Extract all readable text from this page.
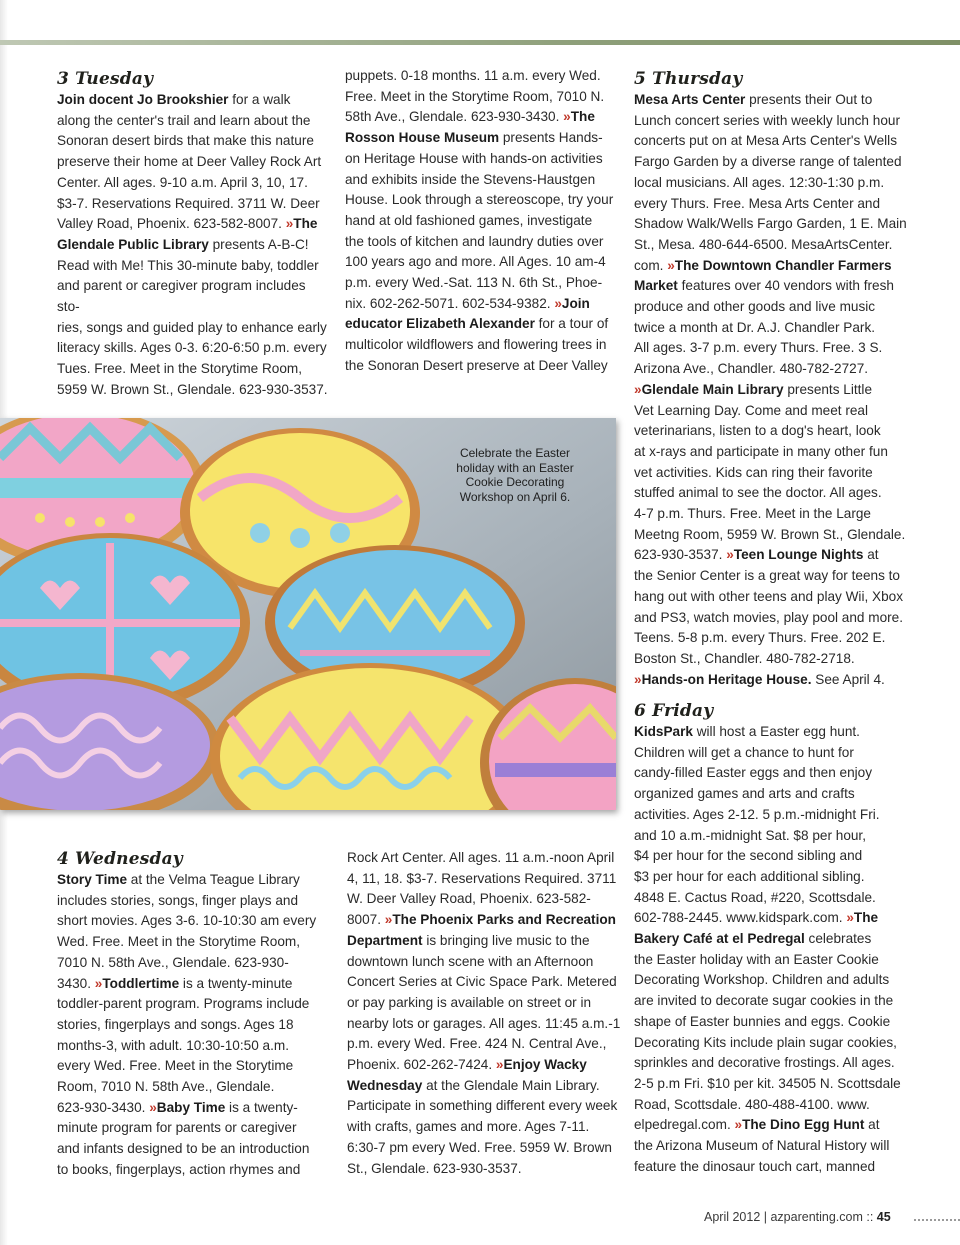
3 Tuesday

Join docent Jo Brookshier for a walk
along the center's trail and learn about the
Sonoran desert birds that make this nature
preserve their home at Deer Valley Rock Art
Center. All ages. 9-10 a.m. April 3, 10, 17.
$3-7. Reservations Required. 3711 W. Deer
Valley Road, Phoenix. 623-582-8007. »The
Glendale Public Library presents A-B-C!
Read with Me! This 30-minute baby, toddler
and parent or caregiver program includes sto-
ries, songs and guided play to enhance early
literacy skills. Ages 0-3. 6:20-6:50 p.m. every
Tues. Free. Meet in the Storytime Room,
5959 W. Brown St., Glendale. 623-930-3537.
puppets. 0-18 months. 11 a.m. every Wed.
Free. Meet in the Storytime Room, 7010 N.
58th Ave., Glendale. 623-930-3430. »The
Rosson House Museum presents Hands-
on Heritage House with hands-on activities
and exhibits inside the Stevens-Haustgen
House. Look through a stereoscope, try your
hand at old fashioned games, investigate
the tools of kitchen and laundry duties over
100 years ago and more. All Ages. 10 am-4
p.m. every Wed.-Sat. 113 N. 6th St., Phoe-
nix. 602-262-5071. 602-534-9382. »Join
educator Elizabeth Alexander for a tour of
multicolor wildflowers and flowering trees in
the Sonoran Desert preserve at Deer Valley

5 Thursday

Mesa Arts Center presents their Out to
Lunch concert series with weekly lunch hour
concerts put on at Mesa Arts Center's Wells
Fargo Garden by a diverse range of talented
local musicians. All ages. 12:30-1:30 p.m.
every Thurs. Free. Mesa Arts Center and
Shadow Walk/Wells Fargo Garden, 1 E. Main
St., Mesa. 480-644-6500. MesaArtsCenter.
com. »The Downtown Chandler Farmers
Market features over 40 vendors with fresh
produce and other goods and live music
twice a month at Dr. A.J. Chandler Park.
All ages. 3-7 p.m. every Thurs. Free. 3 S.
Arizona Ave., Chandler. 480-782-2727.
»Glendale Main Library presents Little
Vet Learning Day. Come and meet real
veterinarians, listen to a dog's heart, look
at x-rays and participate in many other fun
vet activities. Kids can ring their favorite
stuffed animal to see the doctor. All ages.
4-7 p.m. Thurs. Free. Meet in the Large
Meetng Room, 5959 W. Brown St., Glendale.
623-930-3537. »Teen Lounge Nights at
the Senior Center is a great way for teens to
hang out with other teens and play Wii, Xbox
and PS3, watch movies, play pool and more.
Teens. 5-8 p.m. every Thurs. Free. 202 E.
Boston St., Chandler. 480-782-2718.
»Hands-on Heritage House. See April 4.

6 Friday

KidsPark will host a Easter egg hunt.
Children will get a chance to hunt for
candy-filled Easter eggs and then enjoy
organized games and arts and crafts
activities. Ages 2-12. 5 p.m.-midnight Fri.
and 10 a.m.-midnight Sat. $8 per hour,
$4 per hour for the second sibling and
$3 per hour for each additional sibling.
4848 E. Cactus Road, #220, Scottsdale.
602-788-2445. www.kidspark.com. »The
Bakery Café at el Pedregal celebrates
the Easter holiday with an Easter Cookie
Decorating Workshop. Children and adults
are invited to decorate sugar cookies in the
shape of Easter bunnies and eggs. Cookie
Decorating Kits include plain sugar cookies,
sprinkles and decorative frostings. All ages.
2-5 p.m Fri. $10 per kit. 34505 N. Scottsdale
Road, Scottsdale. 480-488-4100. www.
elpedregal.com. »The Dino Egg Hunt at
the Arizona Museum of Natural History will
feature the dinosaur touch cart, manned
Celebrate the Easter holiday with an Easter Cookie Decorating Workshop on April 6.

4 Wednesday

Story Time at the Velma Teague Library
includes stories, songs, finger plays and
short movies. Ages 3-6. 10-10:30 am every
Wed. Free. Meet in the Storytime Room,
7010 N. 58th Ave., Glendale. 623-930-
3430. »Toddlertime is a twenty-minute
toddler-parent program. Programs include
stories, fingerplays and songs. Ages 18
months-3, with adult. 10:30-10:50 a.m.
every Wed. Free. Meet in the Storytime
Room, 7010 N. 58th Ave., Glendale.
623-930-3430. »Baby Time is a twenty-
minute program for parents or caregiver
and infants designed to be an introduction
to books, fingerplays, action rhymes and
Rock Art Center. All ages. 11 a.m.-noon April
4, 11, 18. $3-7. Reservations Required. 3711
W. Deer Valley Road, Phoenix. 623-582-
8007. »The Phoenix Parks and Recreation
Department is bringing live music to the
downtown lunch scene with an Afternoon
Concert Series at Civic Space Park. Metered
or pay parking is available on street or in
nearby lots or garages. All ages. 11:45 a.m.-1
p.m. every Wed. Free. 424 N. Central Ave.,
Phoenix. 602-262-7424. »Enjoy Wacky
Wednesday at the Glendale Main Library.
Participate in something different every week
with crafts, games and more. Ages 7-11.
6:30-7 pm every Wed. Free. 5959 W. Brown
St., Glendale. 623-930-3537.
April 2012 | azparenting.com :: 45
